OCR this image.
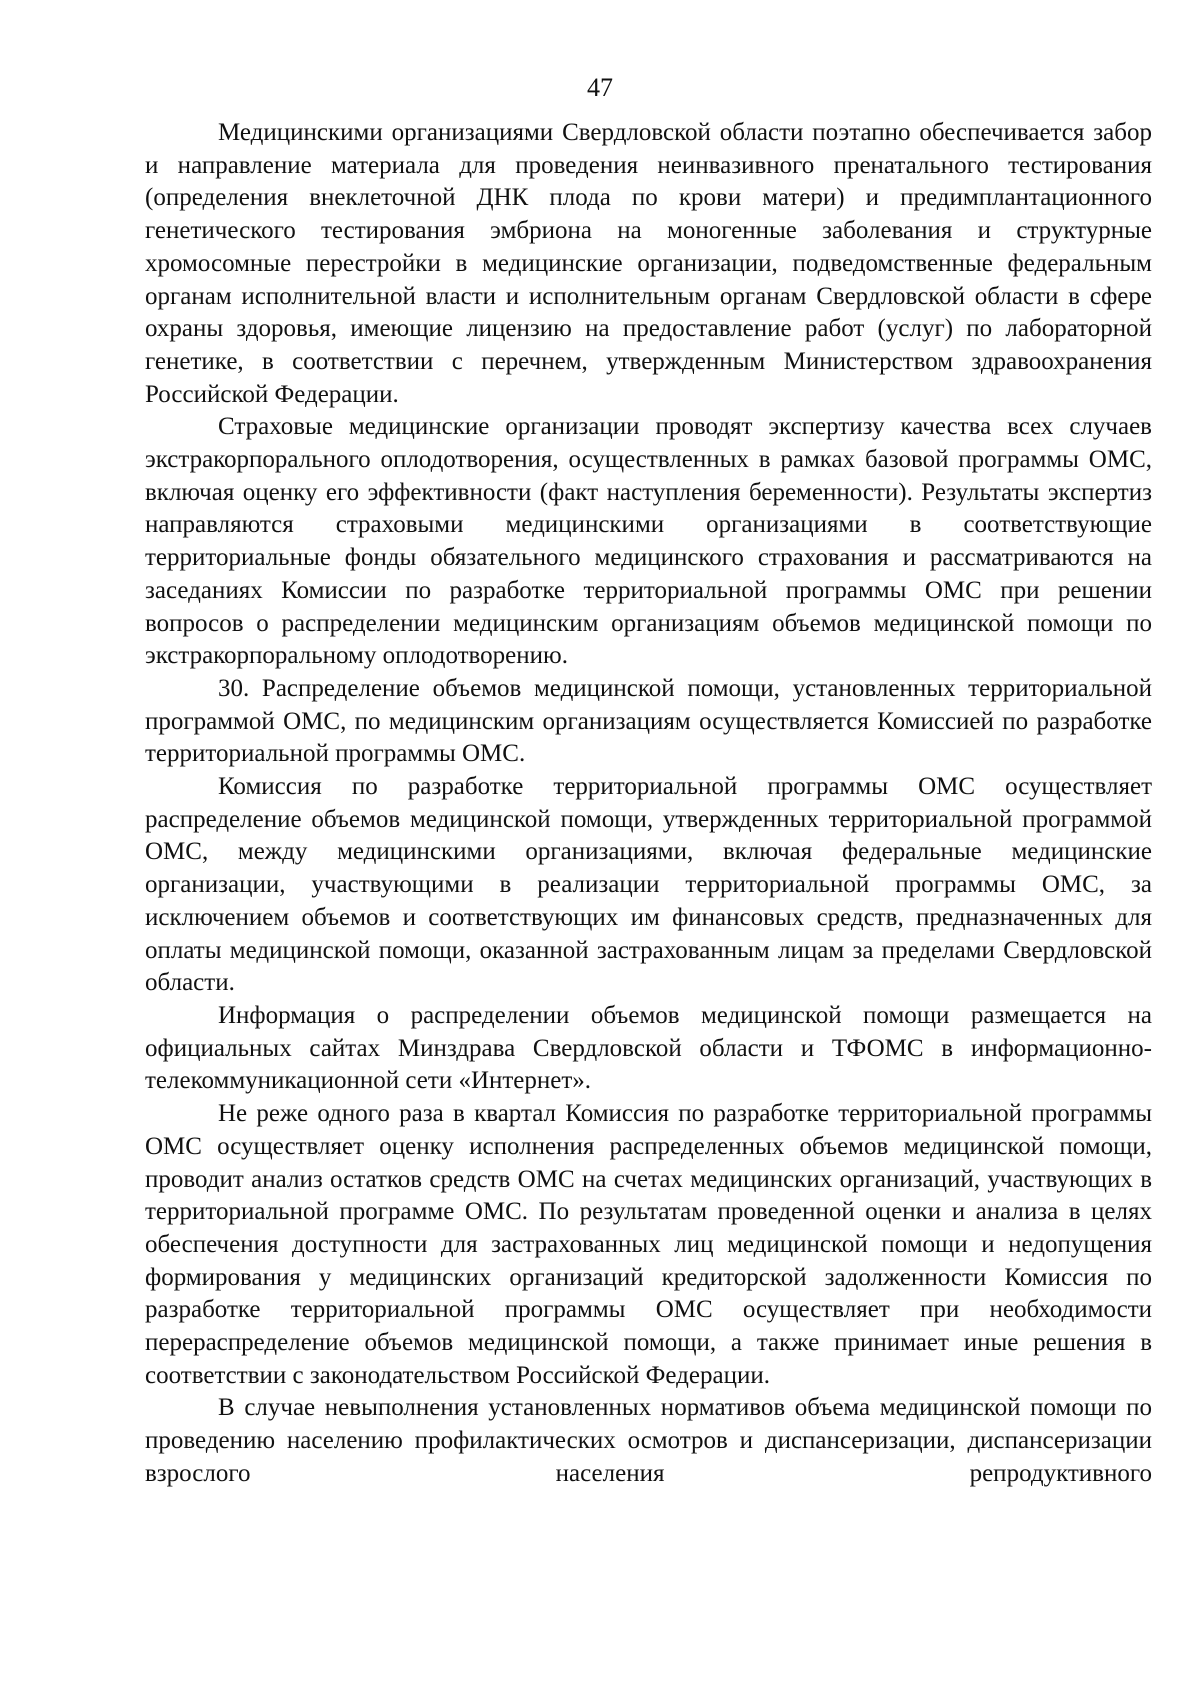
47

Медицинскими организациями Свердловской области поэтапно обеспечивается забор и направление материала для проведения неинвазивного пренатального тестирования (определения внеклеточной ДНК плода по крови матери) и предимплантационного генетического тестирования эмбриона на моногенные заболевания и структурные хромосомные перестройки в медицинские организации, подведомственные федеральным органам исполнительной власти и исполнительным органам Свердловской области в сфере охраны здоровья, имеющие лицензию на предоставление работ (услуг) по лабораторной генетике, в соответствии с перечнем, утвержденным Министерством здравоохранения Российской Федерации.

Страховые медицинские организации проводят экспертизу качества всех случаев экстракорпорального оплодотворения, осуществленных в рамках базовой программы ОМС, включая оценку его эффективности (факт наступления беременности). Результаты экспертиз направляются страховыми медицинскими организациями в соответствующие территориальные фонды обязательного медицинского страхования и рассматриваются на заседаниях Комиссии по разработке территориальной программы ОМС при решении вопросов о распределении медицинским организациям объемов медицинской помощи по экстракорпоральному оплодотворению.

30. Распределение объемов медицинской помощи, установленных территориальной программой ОМС, по медицинским организациям осуществляется Комиссией по разработке территориальной программы ОМС.

Комиссия по разработке территориальной программы ОМС осуществляет распределение объемов медицинской помощи, утвержденных территориальной программой ОМС, между медицинскими организациями, включая федеральные медицинские организации, участвующими в реализации территориальной программы ОМС, за исключением объемов и соответствующих им финансовых средств, предназначенных для оплаты медицинской помощи, оказанной застрахованным лицам за пределами Свердловской области.

Информация о распределении объемов медицинской помощи размещается на официальных сайтах Минздрава Свердловской области и ТФОМС в информационно-телекоммуникационной сети «Интернет».

Не реже одного раза в квартал Комиссия по разработке территориальной программы ОМС осуществляет оценку исполнения распределенных объемов медицинской помощи, проводит анализ остатков средств ОМС на счетах медицинских организаций, участвующих в территориальной программе ОМС. По результатам проведенной оценки и анализа в целях обеспечения доступности для застрахованных лиц медицинской помощи и недопущения формирования у медицинских организаций кредиторской задолженности Комиссия по разработке территориальной программы ОМС осуществляет при необходимости перераспределение объемов медицинской помощи, а также принимает иные решения в соответствии с законодательством Российской Федерации.

В случае невыполнения установленных нормативов объема медицинской помощи по проведению населению профилактических осмотров и диспансеризации, диспансеризации взрослого населения репродуктивного
